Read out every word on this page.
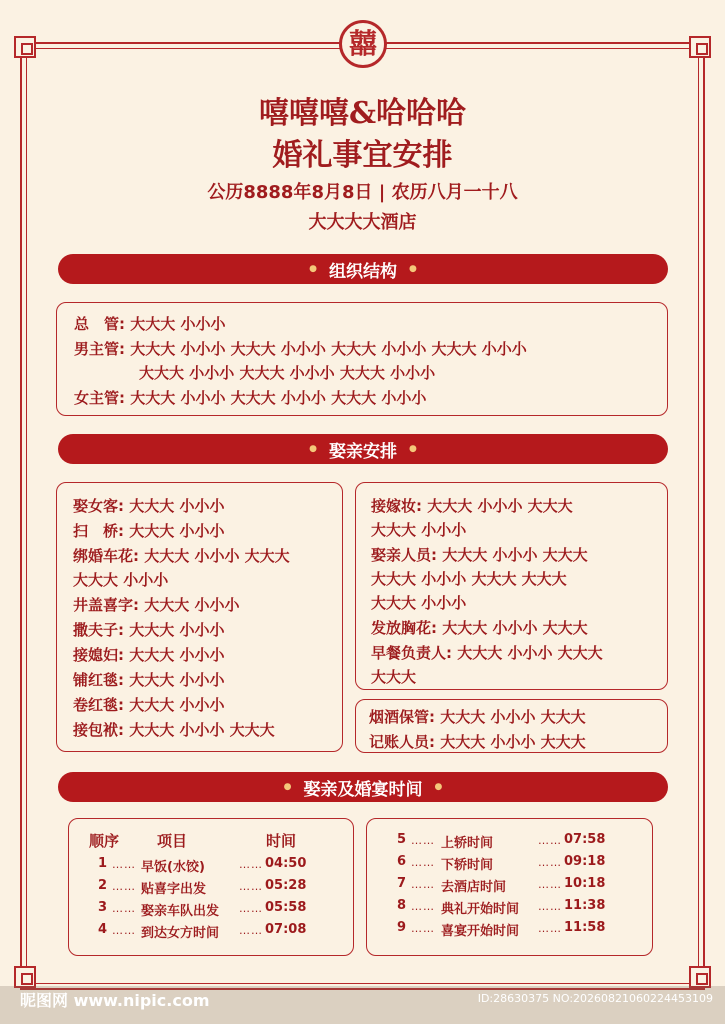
囍
嘻嘻嘻&哈哈哈
婚礼事宜安排
公历8888年8月8日 | 农历八月一十八
大大大大酒店
● 组织结构 ●
总　管: 大大大 小小小
男主管: 大大大 小小小 大大大 小小小 大大大 小小小 大大大 小小小
大大大 小小小 大大大 小小小 大大大 小小小
女主管: 大大大 小小小 大大大 小小小 大大大 小小小
● 娶亲安排 ●
娶女客: 大大大 小小小
扫　桥: 大大大 小小小
绑婚车花: 大大大 小小小 大大大
大大大 小小小
井盖喜字: 大大大 小小小
撒夫子: 大大大 小小小
接媳妇: 大大大 小小小
铺红毯: 大大大 小小小
卷红毯: 大大大 小小小
接包袱: 大大大 小小小 大大大
接嫁妆: 大大大 小小小 大大大
大大大 小小小
娶亲人员: 大大大 小小小 大大大
大大大 小小小 大大大 大大大
大大大 小小小
发放胸花: 大大大 小小小 大大大
早餐负责人: 大大大 小小小 大大大
大大大
烟酒保管: 大大大 小小小 大大大
记账人员: 大大大 小小小 大大大
● 娶亲及婚宴时间 ●
顺序	项目	时间
1 …… 早饭(水饺)	…… 04:50
2 …… 贴喜字出发	…… 05:28
3 …… 娶亲车队出发 …… 05:58
4 …… 到达女方时间 …… 07:08
5 …… 上轿时间	…… 07:58
6 …… 下轿时间	…… 09:18
7 …… 去酒店时间	…… 10:18
8 …… 典礼开始时间 …… 11:38
9 …… 喜宴开始时间 …… 11:58
昵图网 www.nipic.com	ID:28630375 NO:20260821060224453109
